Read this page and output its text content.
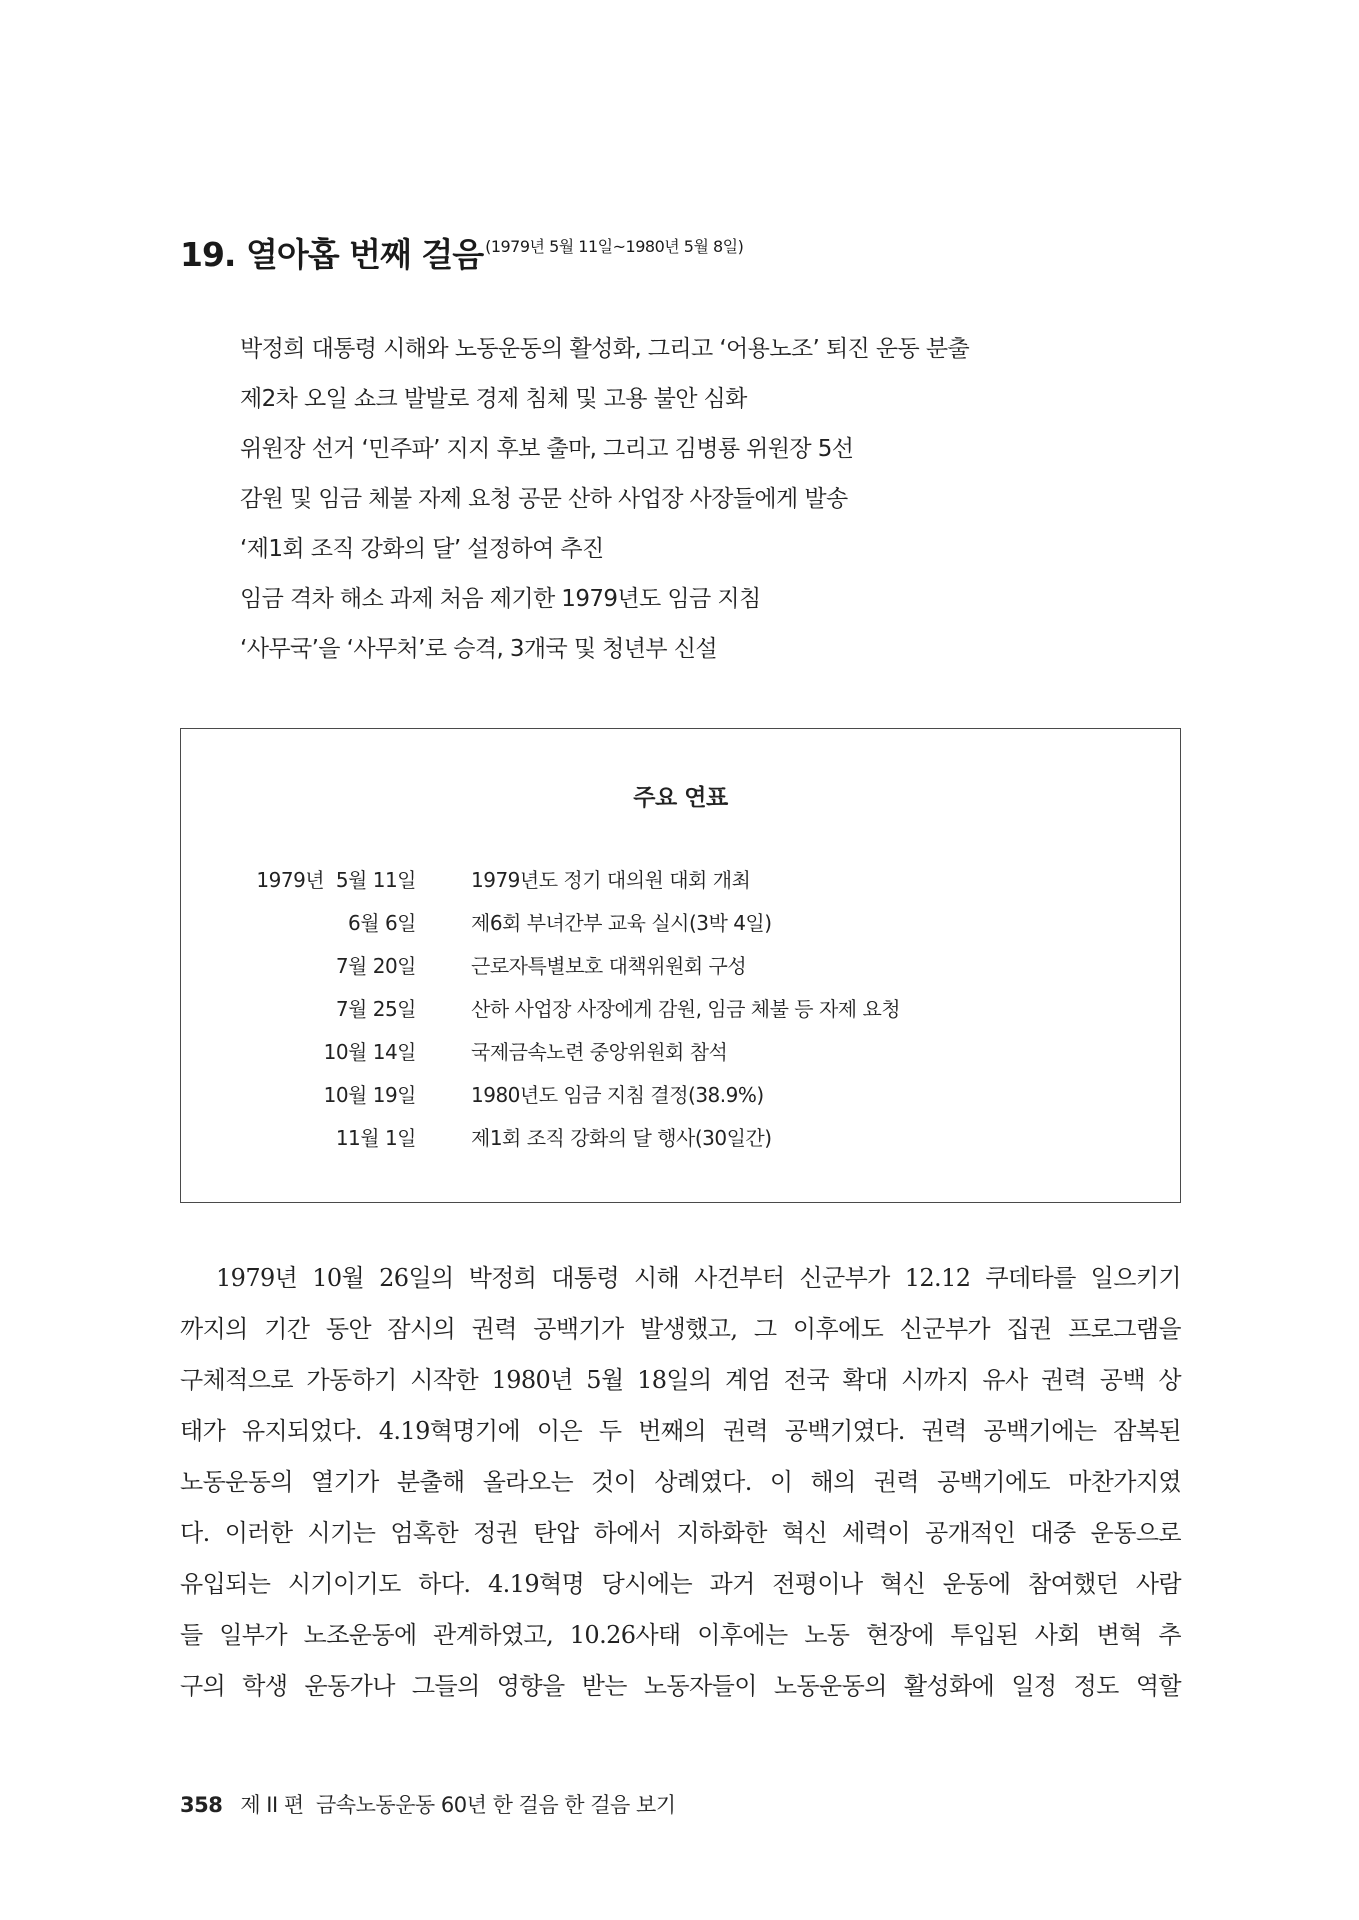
19. 열아홉 번째 걸음 $^{(1979년 5월 11일\sim 1980년 5월 8일)}$
박정희 대통령 시해와 노동운동의 활성화, 그리고 ‘어용노조’ 퇴진 운동 분출
제2차 오일 쇼크 발발로 경제 침체 및 고용 불안 심화
위원장 선거 ‘민주파’ 지지 후보 출마, 그리고 김병룡 위원장 5선
감원 및 임금 체불 자제 요청 공문 산하 사업장 사장들에게 발송
‘제1회 조직 강화의 달’ 설정하여 추진
임금 격차 해소 과제 처음 제기한 1979년도 임금 지침
‘사무국’을 ‘사무처’로 승격, 3개국 및 청년부 신설
주요 연표
1979년  5월 11일	1979년도 정기 대의원 대회 개최
6월 6일	제6회 부녀간부 교육 실시(3박 4일)
7월 20일	근로자특별보호 대책위원회 구성
7월 25일	산하 사업장 사장에게 감원, 임금 체불 등 자제 요청
10월 14일	국제금속노련 중앙위원회 참석
10월 19일	1980년도 임금 지침 결정(38.9%)
11월 1일	제1회 조직 강화의 달 행사(30일간)
1979년 10월 26일의 박정희 대통령 시해 사건부터 신군부가 12.12 쿠데타를 일으키기
까지의 기간 동안 잠시의 권력 공백기가 발생했고, 그 이후에도 신군부가 집권 프로그램을
구체적으로 가동하기 시작한 1980년 5월 18일의 계엄 전국 확대 시까지 유사 권력 공백 상
태가 유지되었다. 4.19혁명기에 이은 두 번째의 권력 공백기였다. 권력 공백기에는 잠복된
노동운동의 열기가 분출해 올라오는 것이 상례였다. 이 해의 권력 공백기에도 마찬가지였
다. 이러한 시기는 엄혹한 정권 탄압 하에서 지하화한 혁신 세력이 공개적인 대중 운동으로
유입되는 시기이기도 하다. 4.19혁명 당시에는 과거 전평이나 혁신 운동에 참여했던 사람
들 일부가 노조운동에 관계하였고, 10.26사태 이후에는 노동 현장에 투입된 사회 변혁 추
구의 학생 운동가나 그들의 영향을 받는 노동자들이 노동운동의 활성화에 일정 정도 역할
358 제 II 편  금속노동운동 60년 한 걸음 한 걸음 보기
